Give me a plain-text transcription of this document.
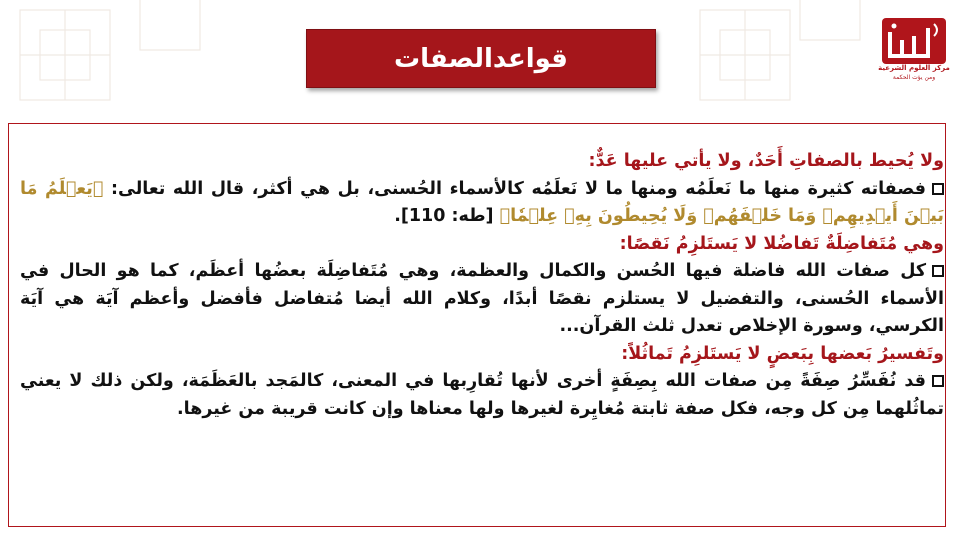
قواعدالصفات	مركز العلوم الشرعية
ومن يؤت الحكمة

ولا يُحيط بالصفاتِ أَحَدٌ، ولا يأتي عليها عَدٌّ:

فصفاته كثيرة منها ما نَعلَمُه ومنها ما لا نَعلَمُه كالأسماء الحُسنى، بل هي أكثر، قال الله تعالى: ﴿يَعۡلَمُ مَا بَيۡنَ أَيۡدِيهِمۡ وَمَا خَلۡفَهُمۡ وَلَا يُحِيطُونَ بِهِۦ عِلۡمٗا﴾ [طه: 110].

وهي مُتَفاضِلَةٌ تَفاضُلا لا يَستَلزِمُ نَقصًا:

كل صفات الله فاضلة فيها الحُسن والكمال والعظمة، وهي مُتَفاضِلَة بعضُها أعظَم، كما هو الحال في الأسماء الحُسنى، والتفضيل لا يستلزم نقصًا أبدًا، وكلام الله أيضا مُتفاضل فأفضل وأعظم آيَة هي آيَة الكرسي، وسورة الإخلاص تعدل ثلث القرآن...

وتَفسيرُ بَعضها بِبَعضٍ لا يَستَلزِمُ تَماثُلاً:

قد نُفَسِّرُ صِفَةً مِن صفات الله بِصِفَةٍ أخرى لأنها تُقارِبها في المعنى، كالمَجد بالعَظَمَة، ولكن ذلك لا يعني تماثُلهما مِن كل وجه، فكل صفة ثابتة مُغايِرة لغيرها ولها معناها وإن كانت قريبة من غيرها.
